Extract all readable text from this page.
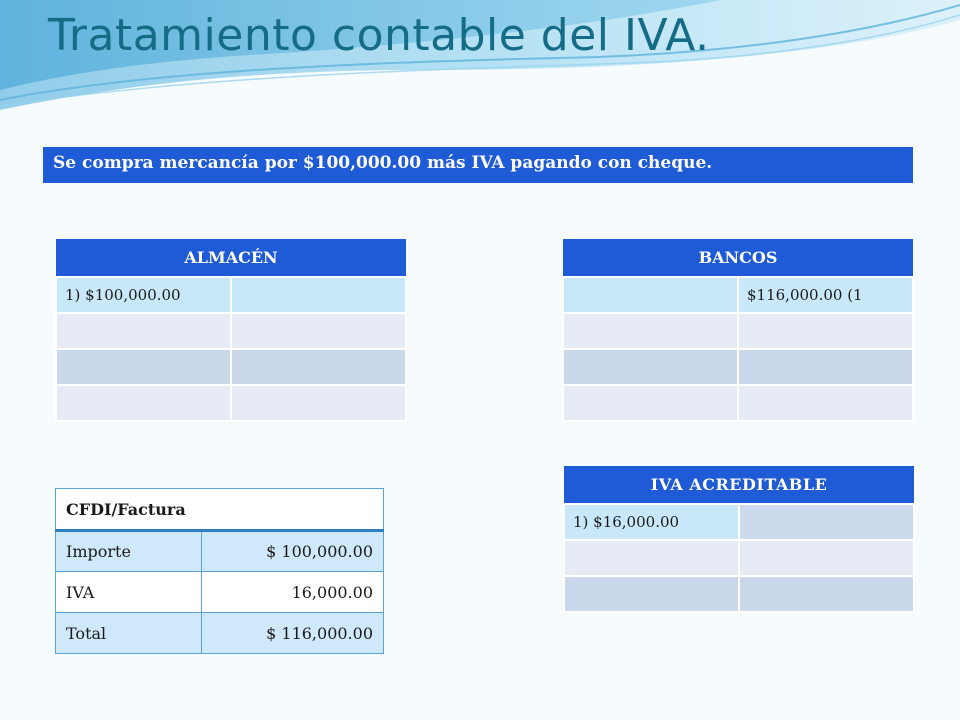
Tratamiento contable del IVA.
Se compra mercancía por $100,000.00 más IVA pagando con cheque.
ALMACÉN	
1) $100,000.00	

BANCOS	
	$116,000.00 (1

IVA ACREDITABLE	
1) $16,000.00	

CFDI/Factura	
Importe	$ 100,000.00
IVA	16,000.00
Total	$ 116,000.00
